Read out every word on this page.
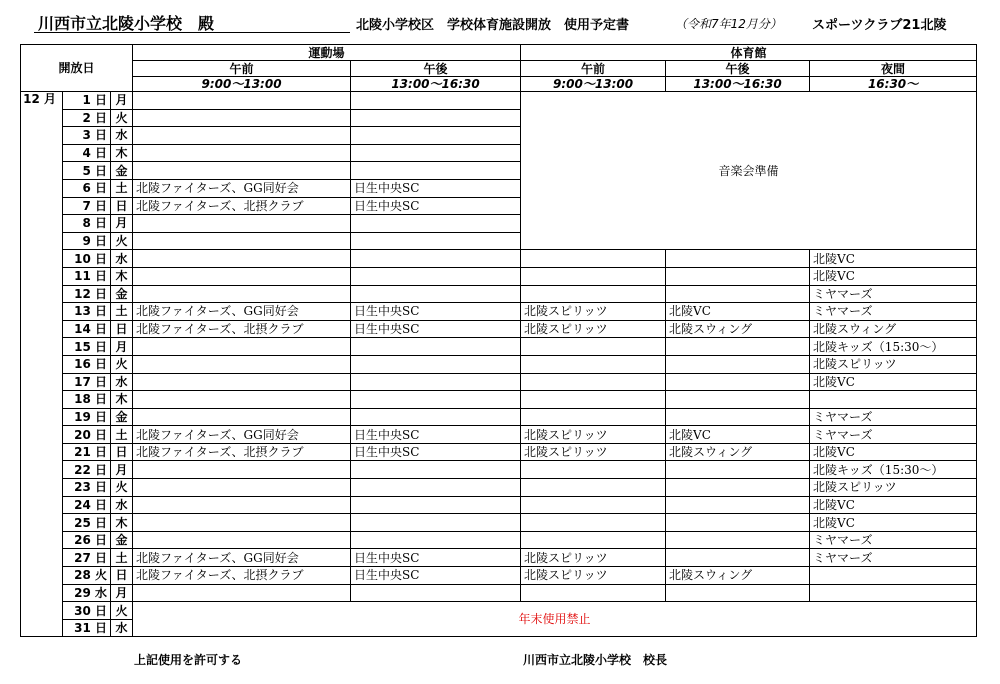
川西市立北陵小学校　殿	北陵小学校区　学校体育施設開放　使用予定書	（令和7年12月分） スポーツクラブ21北陵
開放日			運動場		体育館		
			午前	午後	午前	午後	夜間
			9:00～13:00	13:00～16:30	9:00～13:00	13:00～16:30	16:30～
12 月	1 日	月			音楽会準備		
	2 日	火					
	3 日	水					
	4 日	木					
	5 日	金					
	6 日	土	北陵ファイターズ、GG同好会	日生中央SC			
	7 日	日	北陵ファイターズ、北摂クラブ	日生中央SC			
	8 日	月					
	9 日	火					
	10 日	水					北陵VC
	11 日	木					北陵VC
	12 日	金					ミヤマーズ
	13 日	土	北陵ファイターズ、GG同好会	日生中央SC	北陵スピリッツ	北陵VC	ミヤマーズ
	14 日	日	北陵ファイターズ、北摂クラブ	日生中央SC	北陵スピリッツ	北陵スウィング	北陵スウィング
	15 日	月					北陵キッズ（15:30～）
	16 日	火					北陵スピリッツ
	17 日	水					北陵VC
	18 日	木					
	19 日	金					ミヤマーズ
	20 日	土	北陵ファイターズ、GG同好会	日生中央SC	北陵スピリッツ	北陵VC	ミヤマーズ
	21 日	日	北陵ファイターズ、北摂クラブ	日生中央SC	北陵スピリッツ	北陵スウィング	北陵VC
	22 日	月					北陵キッズ（15:30～）
	23 日	火					北陵スピリッツ
	24 日	水					北陵VC
	25 日	木					北陵VC
	26 日	金					ミヤマーズ
	27 日	土	北陵ファイターズ、GG同好会	日生中央SC	北陵スピリッツ		ミヤマーズ
	28 火	日	北陵ファイターズ、北摂クラブ	日生中央SC	北陵スピリッツ	北陵スウィング	
	29 水	月					
	30 日	火	年末使用禁止				
	31 日	水					
上記使用を許可する	川西市立北陵小学校　校長
